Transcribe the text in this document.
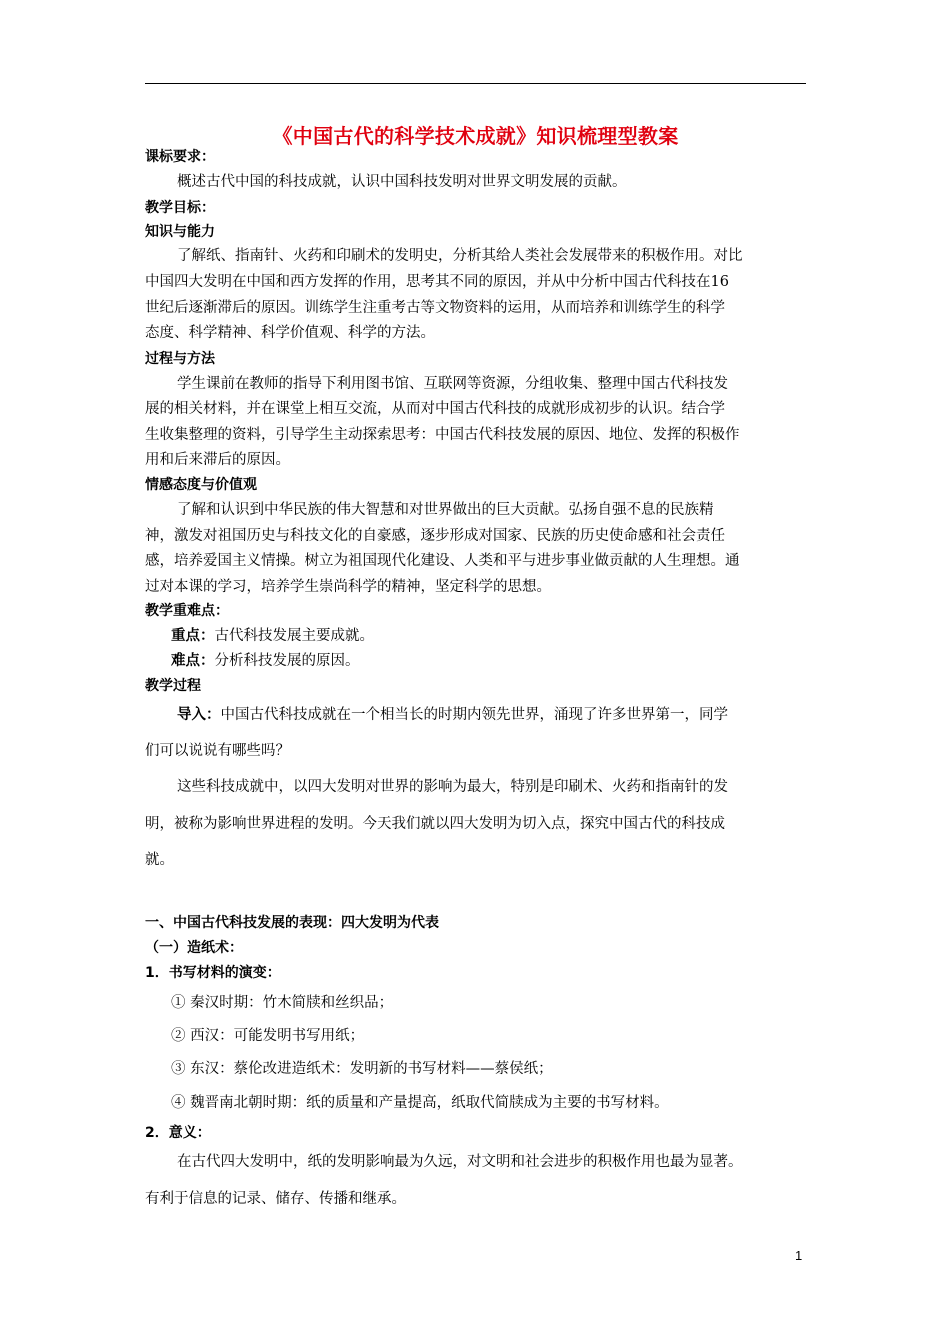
《中国古代的科学技术成就》知识梳理型教案
课标要求：
概述古代中国的科技成就，认识中国科技发明对世界文明发展的贡献。
教学目标：
知识与能力
了解纸、指南针、火药和印刷术的发明史，分析其给人类社会发展带来的积极作用。对比
中国四大发明在中国和西方发挥的作用，思考其不同的原因，并从中分析中国古代科技在16
世纪后逐渐滞后的原因。训练学生注重考古等文物资料的运用，从而培养和训练学生的科学
态度、科学精神、科学价值观、科学的方法。
过程与方法
学生课前在教师的指导下利用图书馆、互联网等资源，分组收集、整理中国古代科技发
展的相关材料，并在课堂上相互交流，从而对中国古代科技的成就形成初步的认识。结合学
生收集整理的资料，引导学生主动探索思考：中国古代科技发展的原因、地位、发挥的积极作
用和后来滞后的原因。
情感态度与价值观
了解和认识到中华民族的伟大智慧和对世界做出的巨大贡献。弘扬自强不息的民族精
神，激发对祖国历史与科技文化的自豪感，逐步形成对国家、民族的历史使命感和社会责任
感，培养爱国主义情操。树立为祖国现代化建设、人类和平与进步事业做贡献的人生理想。通
过对本课的学习，培养学生崇尚科学的精神，坚定科学的思想。
教学重难点：
重点：古代科技发展主要成就。
难点：分析科技发展的原因。
教学过程
导入：中国古代科技成就在一个相当长的时期内领先世界，涌现了许多世界第一，同学
们可以说说有哪些吗？
这些科技成就中，以四大发明对世界的影响为最大，特别是印刷术、火药和指南针的发
明，被称为影响世界进程的发明。今天我们就以四大发明为切入点，探究中国古代的科技成
就。
一、中国古代科技发展的表现：四大发明为代表
（一）造纸术：
1．书写材料的演变：
① 秦汉时期：竹木简牍和丝织品；
② 西汉：可能发明书写用纸；
③ 东汉：蔡伦改进造纸术：发明新的书写材料——蔡侯纸；
④ 魏晋南北朝时期：纸的质量和产量提高，纸取代简牍成为主要的书写材料。
2．意义：
在古代四大发明中，纸的发明影响最为久远，对文明和社会进步的积极作用也最为显著。
有利于信息的记录、储存、传播和继承。
1
